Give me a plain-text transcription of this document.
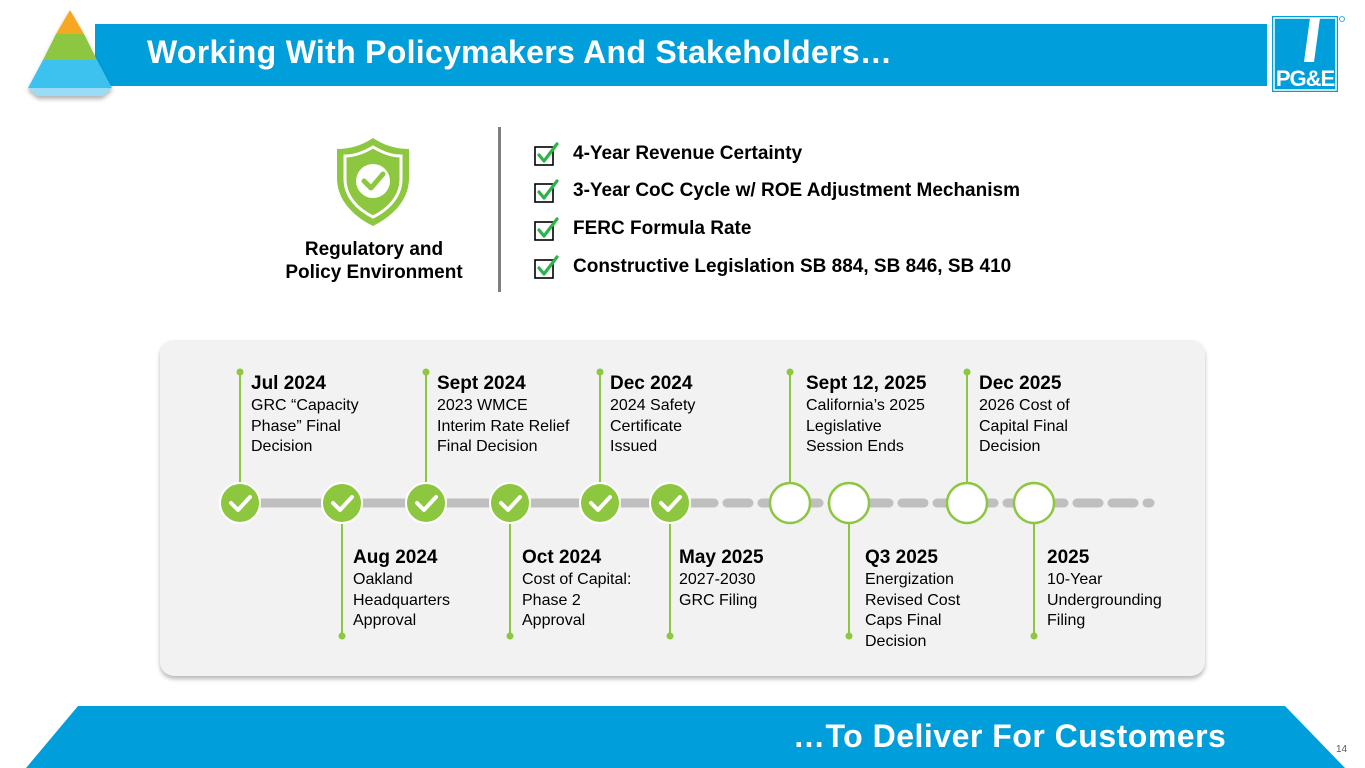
Working With Policymakers And Stakeholders…
PG&E
Regulatory and
Policy Environment
4-Year Revenue Certainty
3-Year CoC Cycle w/ ROE Adjustment Mechanism
FERC Formula Rate
Constructive Legislation SB 884, SB 846, SB 410
Jul 2024
GRC “Capacity
Phase” Final
Decision
Aug 2024
Oakland
Headquarters
Approval
Sept 2024
2023 WMCE
Interim Rate Relief
Final Decision
Oct 2024
Cost of Capital:
Phase 2
Approval
Dec 2024
2024 Safety
Certificate
Issued
May 2025
2027-2030
GRC Filing
Sept 12, 2025
California’s 2025
Legislative
Session Ends
Q3 2025
Energization
Revised Cost
Caps Final
Decision
Dec 2025
2026 Cost of
Capital Final
Decision
2025
10-Year
Undergrounding
Filing
…To Deliver For Customers	14
